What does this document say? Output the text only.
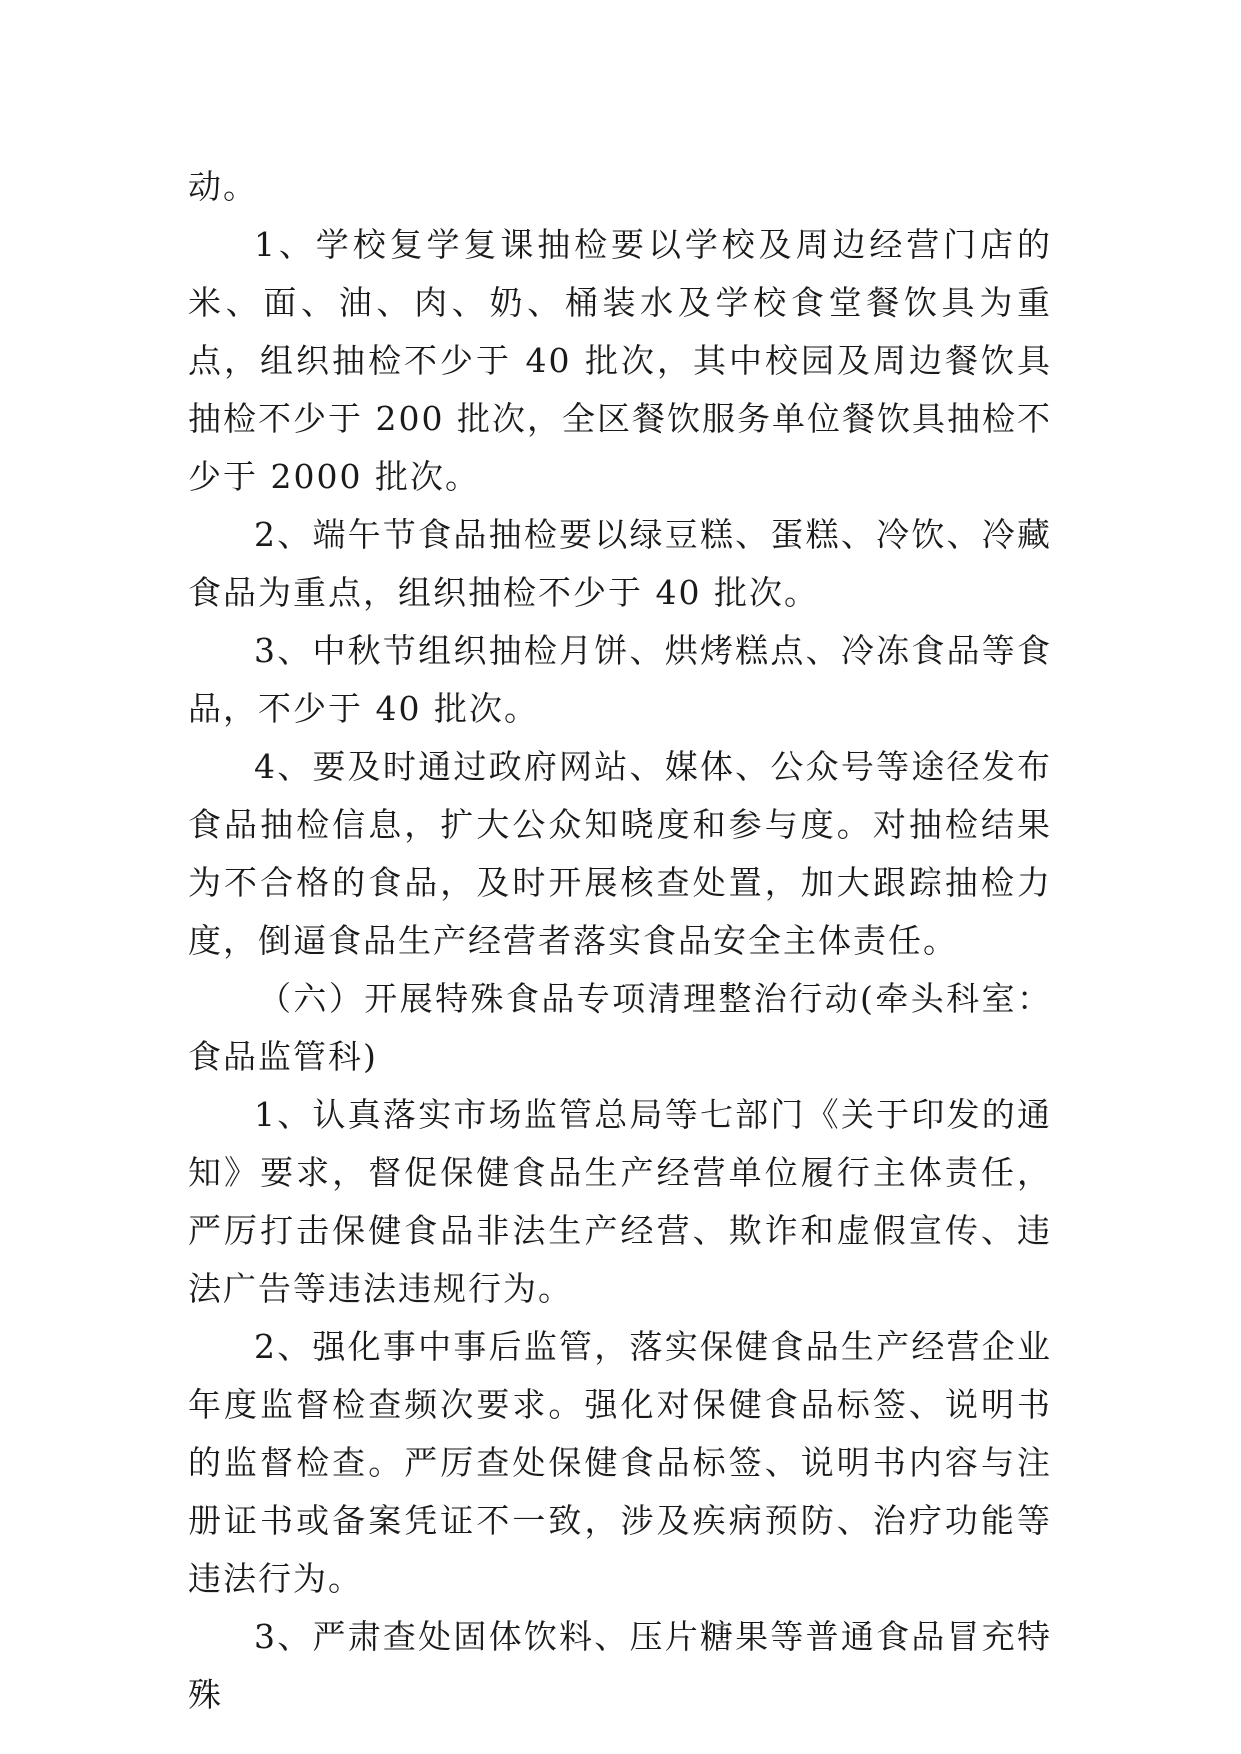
动。

1、学校复学复课抽检要以学校及周边经营门店的米、面、油、肉、奶、桶装水及学校食堂餐饮具为重点，组织抽检不少于 40 批次，其中校园及周边餐饮具抽检不少于 200 批次，全区餐饮服务单位餐饮具抽检不少于 2000 批次。

2、端午节食品抽检要以绿豆糕、蛋糕、冷饮、冷藏食品为重点，组织抽检不少于 40 批次。

3、中秋节组织抽检月饼、烘烤糕点、冷冻食品等食品，不少于 40 批次。

4、要及时通过政府网站、媒体、公众号等途径发布食品抽检信息，扩大公众知晓度和参与度。对抽检结果为不合格的食品，及时开展核查处置，加大跟踪抽检力度，倒逼食品生产经营者落实食品安全主体责任。

（六）开展特殊食品专项清理整治行动(牵头科室：食品监管科)

1、认真落实市场监管总局等七部门《关于印发的通知》要求，督促保健食品生产经营单位履行主体责任，严厉打击保健食品非法生产经营、欺诈和虚假宣传、违法广告等违法违规行为。

2、强化事中事后监管，落实保健食品生产经营企业年度监督检查频次要求。强化对保健食品标签、说明书的监督检查。严厉查处保健食品标签、说明书内容与注册证书或备案凭证不一致，涉及疾病预防、治疗功能等违法行为。

3、严肃查处固体饮料、压片糖果等普通食品冒充特殊
